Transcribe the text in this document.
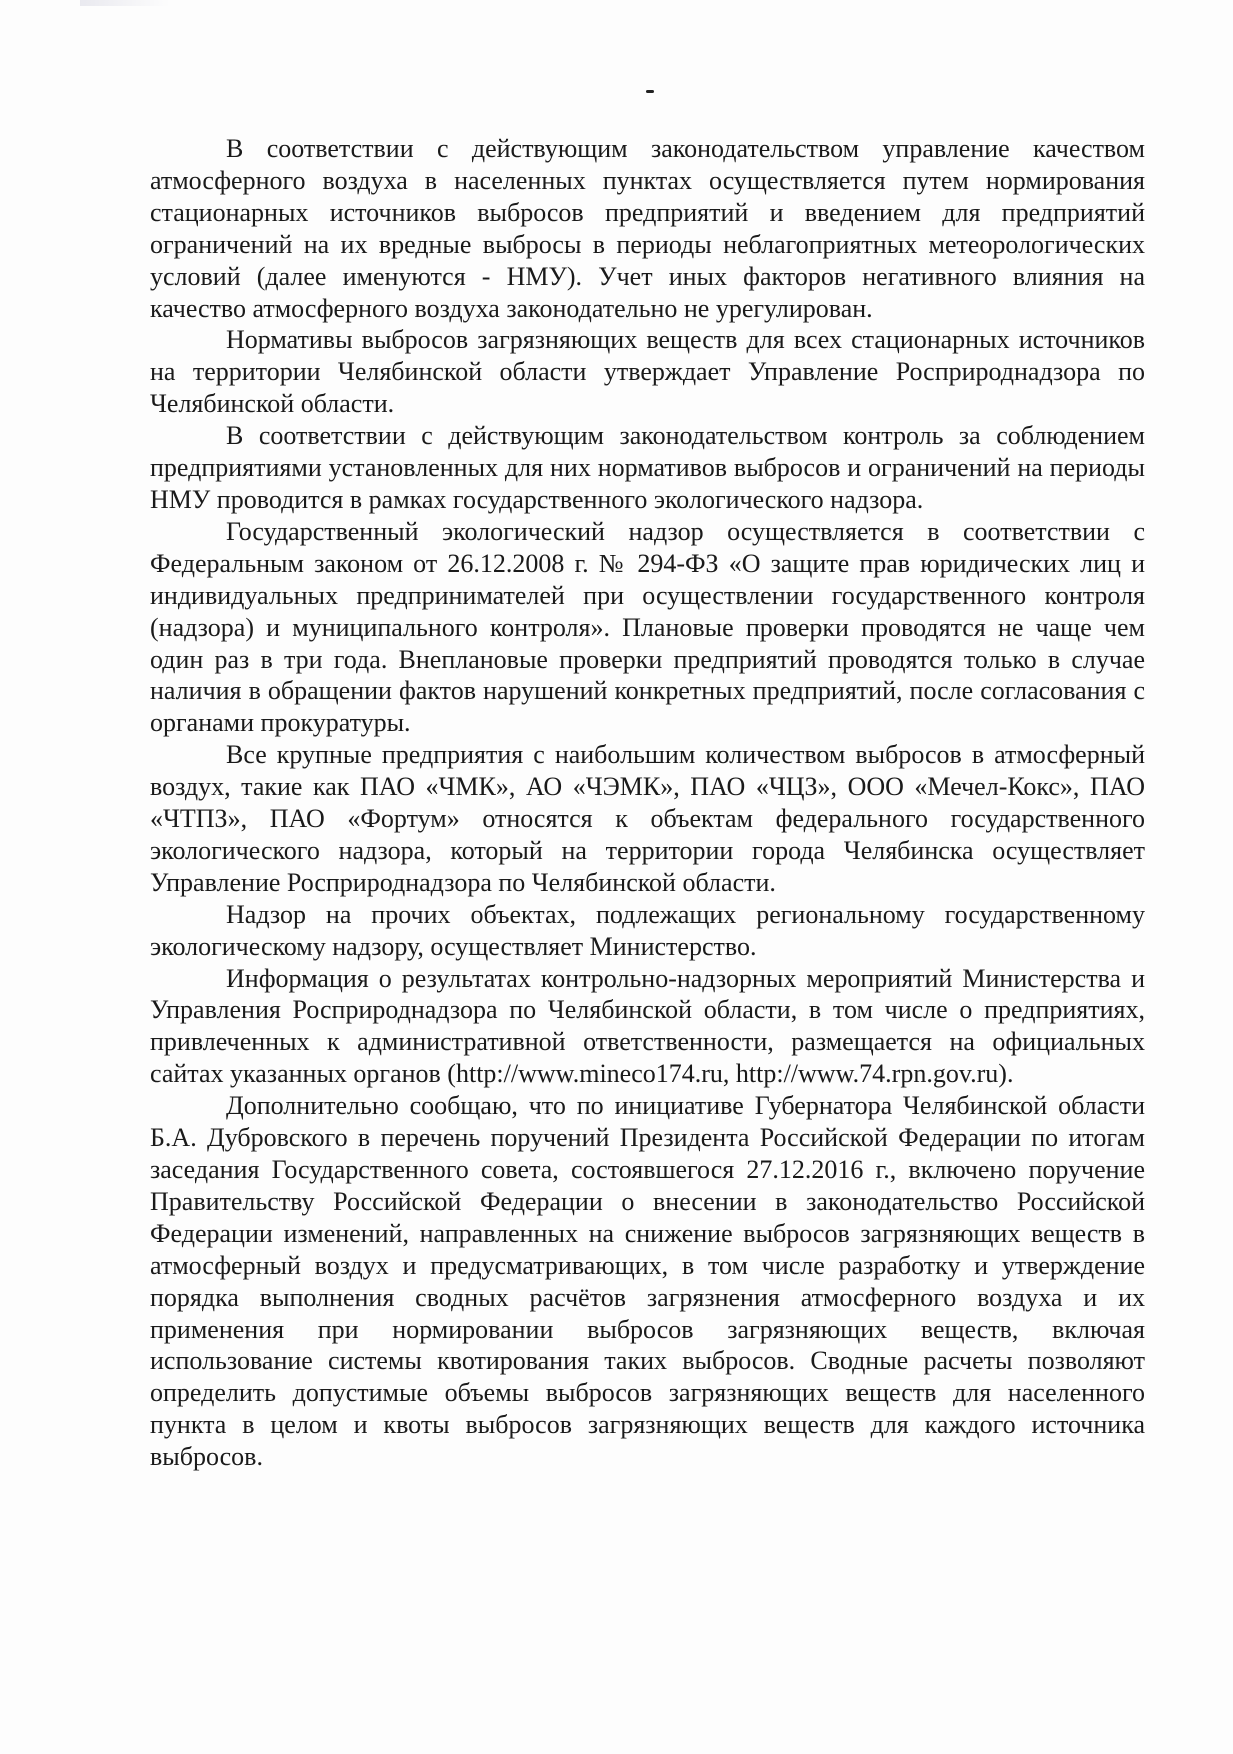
В соответствии с действующим законодательством управление качеством атмосферного воздуха в населенных пунктах осуществляется путем нормирования стационарных источников выбросов предприятий и введением для предприятий ограничений на их вредные выбросы в периоды неблагоприятных метеорологических условий (далее именуются - НМУ). Учет иных факторов негативного влияния на качество атмосферного воздуха законодательно не урегулирован.

Нормативы выбросов загрязняющих веществ для всех стационарных источников на территории Челябинской области утверждает Управление Росприроднадзора по Челябинской области.

В соответствии с действующим законодательством контроль за соблюдением предприятиями установленных для них нормативов выбросов и ограничений на периоды НМУ проводится в рамках государственного экологического надзора.

Государственный экологический надзор осуществляется в соответствии с Федеральным законом от 26.12.2008 г. № 294-ФЗ «О защите прав юридических лиц и индивидуальных предпринимателей при осуществлении государственного контроля (надзора) и муниципального контроля». Плановые проверки проводятся не чаще чем один раз в три года. Внеплановые проверки предприятий проводятся только в случае наличия в обращении фактов нарушений конкретных предприятий, после согласования с органами прокуратуры.

Все крупные предприятия с наибольшим количеством выбросов в атмосферный воздух, такие как ПАО «ЧМК», АО «ЧЭМК», ПАО «ЧЦЗ», ООО «Мечел-Кокс», ПАО «ЧТПЗ», ПАО «Фортум» относятся к объектам федерального государственного экологического надзора, который на территории города Челябинска осуществляет Управление Росприроднадзора по Челябинской области.

Надзор на прочих объектах, подлежащих региональному государственному экологическому надзору, осуществляет Министерство.

Информация о результатах контрольно-надзорных мероприятий Министерства и Управления Росприроднадзора по Челябинской области, в том числе о предприятиях, привлеченных к административной ответственности, размещается на официальных сайтах указанных органов (http://www.mineco174.ru, http://www.74.rpn.gov.ru).

Дополнительно сообщаю, что по инициативе Губернатора Челябинской области Б.А. Дубровского в перечень поручений Президента Российской Федерации по итогам заседания Государственного совета, состоявшегося 27.12.2016 г., включено поручение Правительству Российской Федерации о внесении в законодательство Российской Федерации изменений, направленных на снижение выбросов загрязняющих веществ в атмосферный воздух и предусматривающих, в том числе разработку и утверждение порядка выполнения сводных расчётов загрязнения атмосферного воздуха и их применения при нормировании выбросов загрязняющих веществ, включая использование системы квотирования таких выбросов. Сводные расчеты позволяют определить допустимые объемы выбросов загрязняющих веществ для населенного пункта в целом и квоты выбросов загрязняющих веществ для каждого источника выбросов.
